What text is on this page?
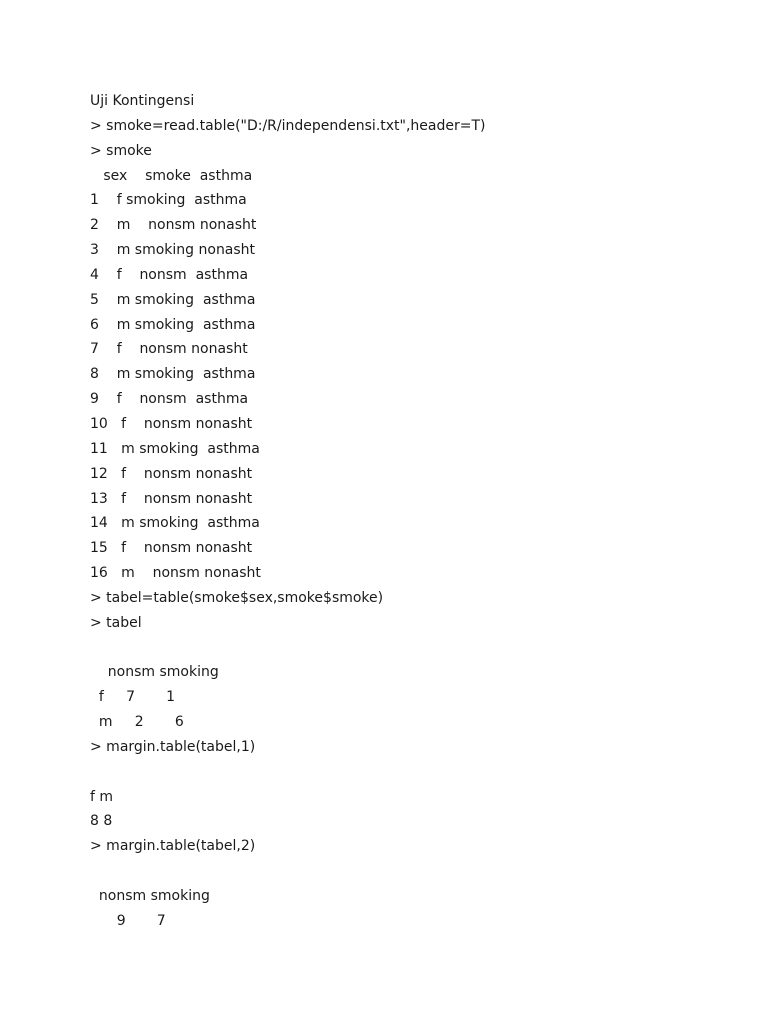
Uji Kontingensi
> smoke=read.table("D:/R/independensi.txt",header=T)
> smoke
sex    smoke  asthma
1    f smoking  asthma
2    m    nonsm nonasht
3    m smoking nonasht
4    f    nonsm  asthma
5    m smoking  asthma
6    m smoking  asthma
7    f    nonsm nonasht
8    m smoking  asthma
9    f    nonsm  asthma
10   f    nonsm nonasht
11   m smoking  asthma
12   f    nonsm nonasht
13   f    nonsm nonasht
14   m smoking  asthma
15   f    nonsm nonasht
16   m    nonsm nonasht
> tabel=table(smoke$sex,smoke$smoke)
> tabel
nonsm smoking
f     7       1
m     2       6
> margin.table(tabel,1)
f m
8 8
> margin.table(tabel,2)
nonsm smoking
9       7
